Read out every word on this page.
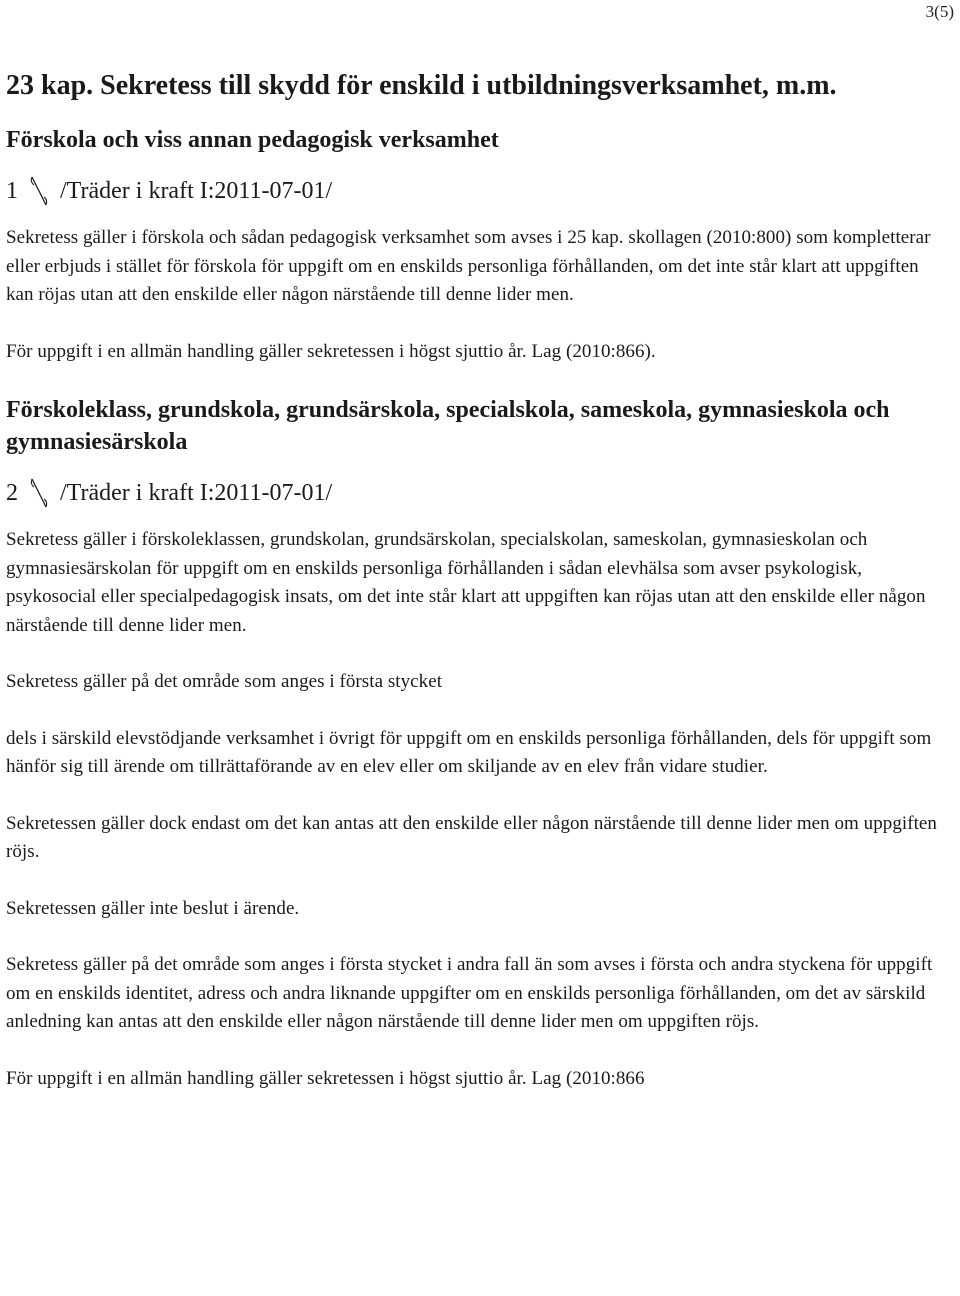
3(5)
23 kap. Sekretess till skydd för enskild i utbildningsverksamhet, m.m.
Förskola och viss annan pedagogisk verksamhet
1 /Träder i kraft I:2011-07-01/

Sekretess gäller i förskola och sådan pedagogisk verksamhet som avses i 25 kap. skollagen (2010:800) som kompletterar eller erbjuds i stället för förskola för uppgift om en enskilds personliga förhållanden, om det inte står klart att uppgiften kan röjas utan att den enskilde eller någon närstående till denne lider men.

För uppgift i en allmän handling gäller sekretessen i högst sjuttio år. Lag (2010:866).

Förskoleklass, grundskola, grundsärskola, specialskola, sameskola, gymnasieskola och gymnasiesärskola
2 /Träder i kraft I:2011-07-01/

Sekretess gäller i förskoleklassen, grundskolan, grundsärskolan, specialskolan, sameskolan, gymnasieskolan och gymnasiesärskolan för uppgift om en enskilds personliga förhållanden i sådan elevhälsa som avser psykologisk, psykosocial eller specialpedagogisk insats, om det inte står klart att uppgiften kan röjas utan att den enskilde eller någon närstående till denne lider men.

Sekretess gäller på det område som anges i första stycket

dels i särskild elevstödjande verksamhet i övrigt för uppgift om en enskilds personliga förhållanden, dels för uppgift som hänför sig till ärende om tillrättaförande av en elev eller om skiljande av en elev från vidare studier.

Sekretessen gäller dock endast om det kan antas att den enskilde eller någon närstående till denne lider men om uppgiften röjs.

Sekretessen gäller inte beslut i ärende.

Sekretess gäller på det område som anges i första stycket i andra fall än som avses i första och andra styckena för uppgift om en enskilds identitet, adress och andra liknande uppgifter om en enskilds personliga förhållanden, om det av särskild anledning kan antas att den enskilde eller någon närstående till denne lider men om uppgiften röjs.

För uppgift i en allmän handling gäller sekretessen i högst sjuttio år. Lag (2010:866
